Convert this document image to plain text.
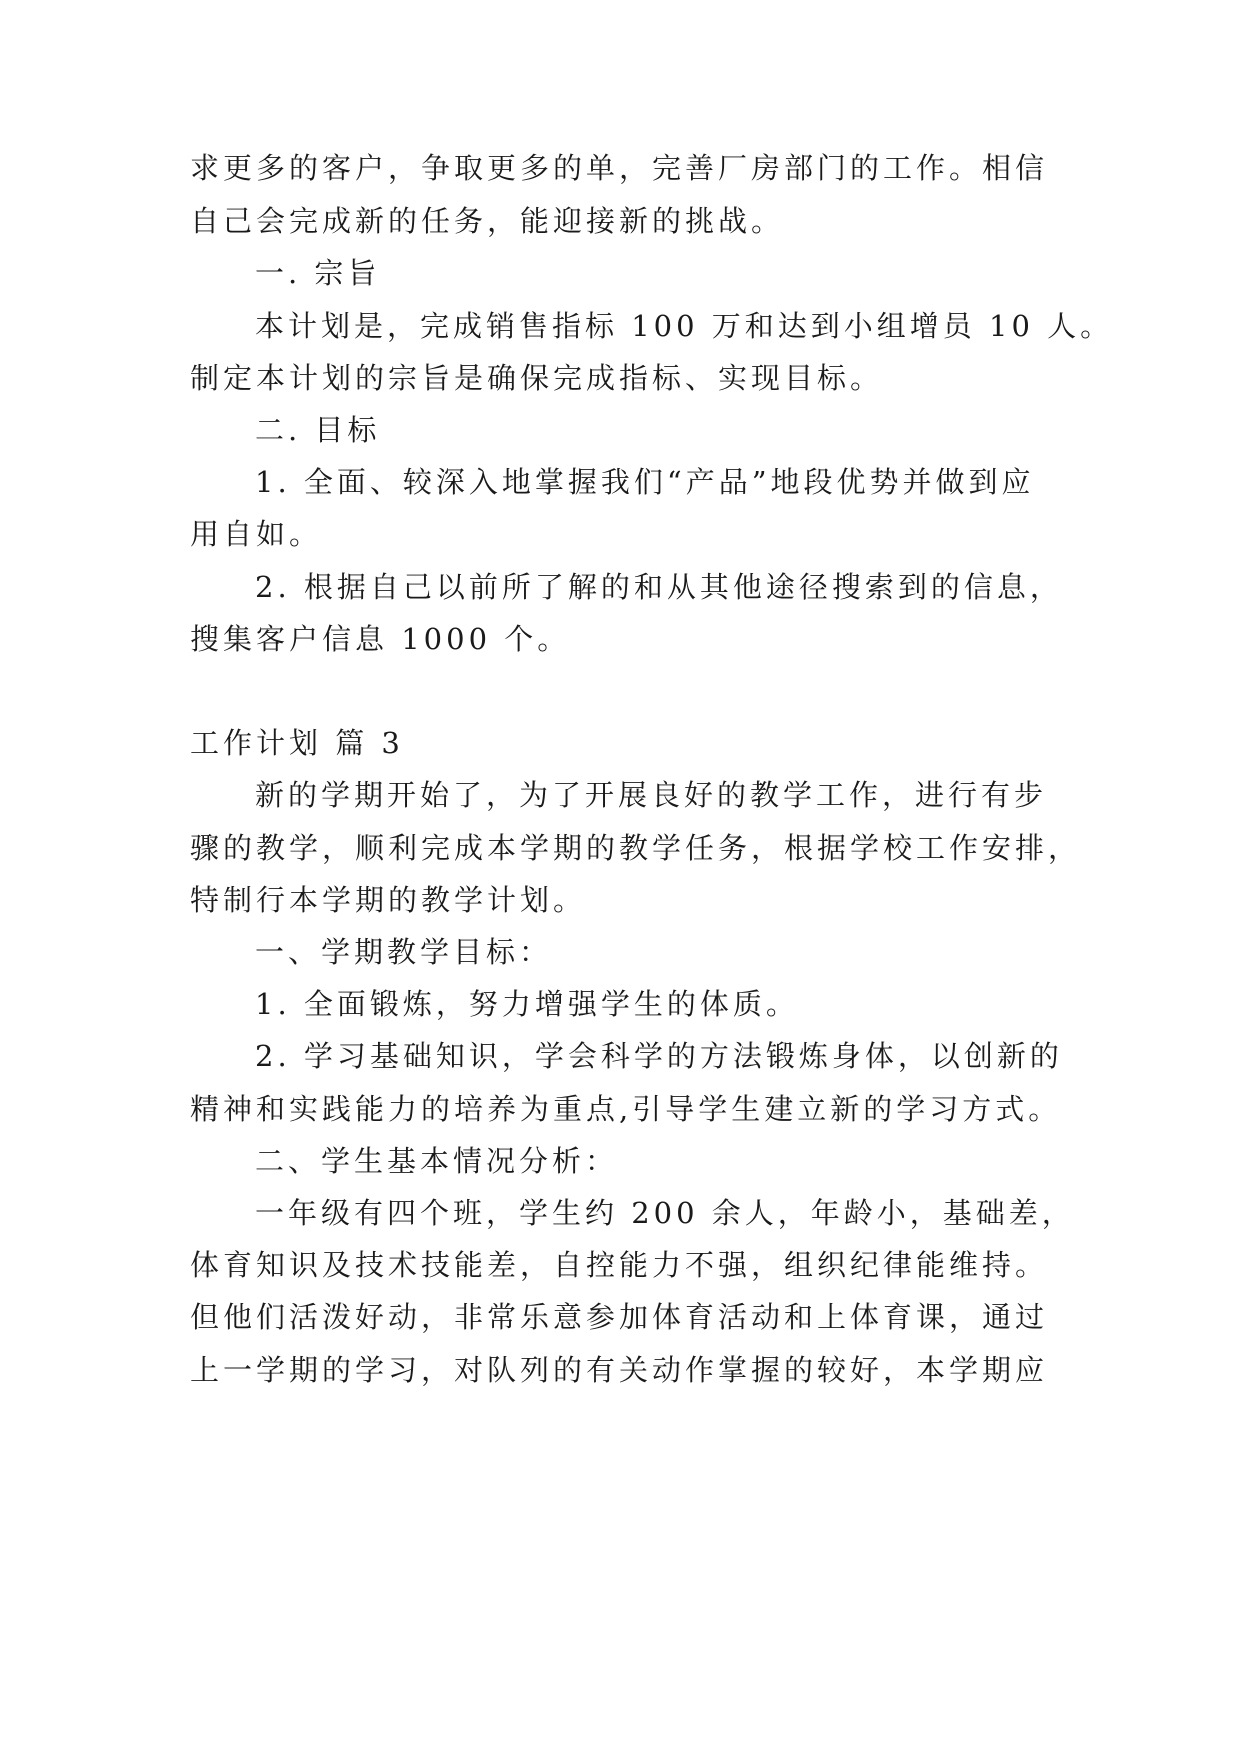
求更多的客户，争取更多的单，完善厂房部门的工作。相信
自己会完成新的任务，能迎接新的挑战。
一. 宗旨
本计划是，完成销售指标 100 万和达到小组增员 10 人。
制定本计划的宗旨是确保完成指标、实现目标。
二. 目标
1. 全面、较深入地掌握我们“产品”地段优势并做到应
用自如。
2. 根据自己以前所了解的和从其他途径搜索到的信息，
搜集客户信息 1000 个。
工作计划 篇 3
新的学期开始了，为了开展良好的教学工作，进行有步
骤的教学，顺利完成本学期的教学任务，根据学校工作安排，
特制行本学期的教学计划。
一、学期教学目标：
1. 全面锻炼，努力增强学生的体质。
2. 学习基础知识，学会科学的方法锻炼身体，以创新的
精神和实践能力的培养为重点,引导学生建立新的学习方式。
二、学生基本情况分析：
一年级有四个班，学生约 200 余人，年龄小，基础差，
体育知识及技术技能差，自控能力不强，组织纪律能维持。
但他们活泼好动，非常乐意参加体育活动和上体育课，通过
上一学期的学习，对队列的有关动作掌握的较好，本学期应
